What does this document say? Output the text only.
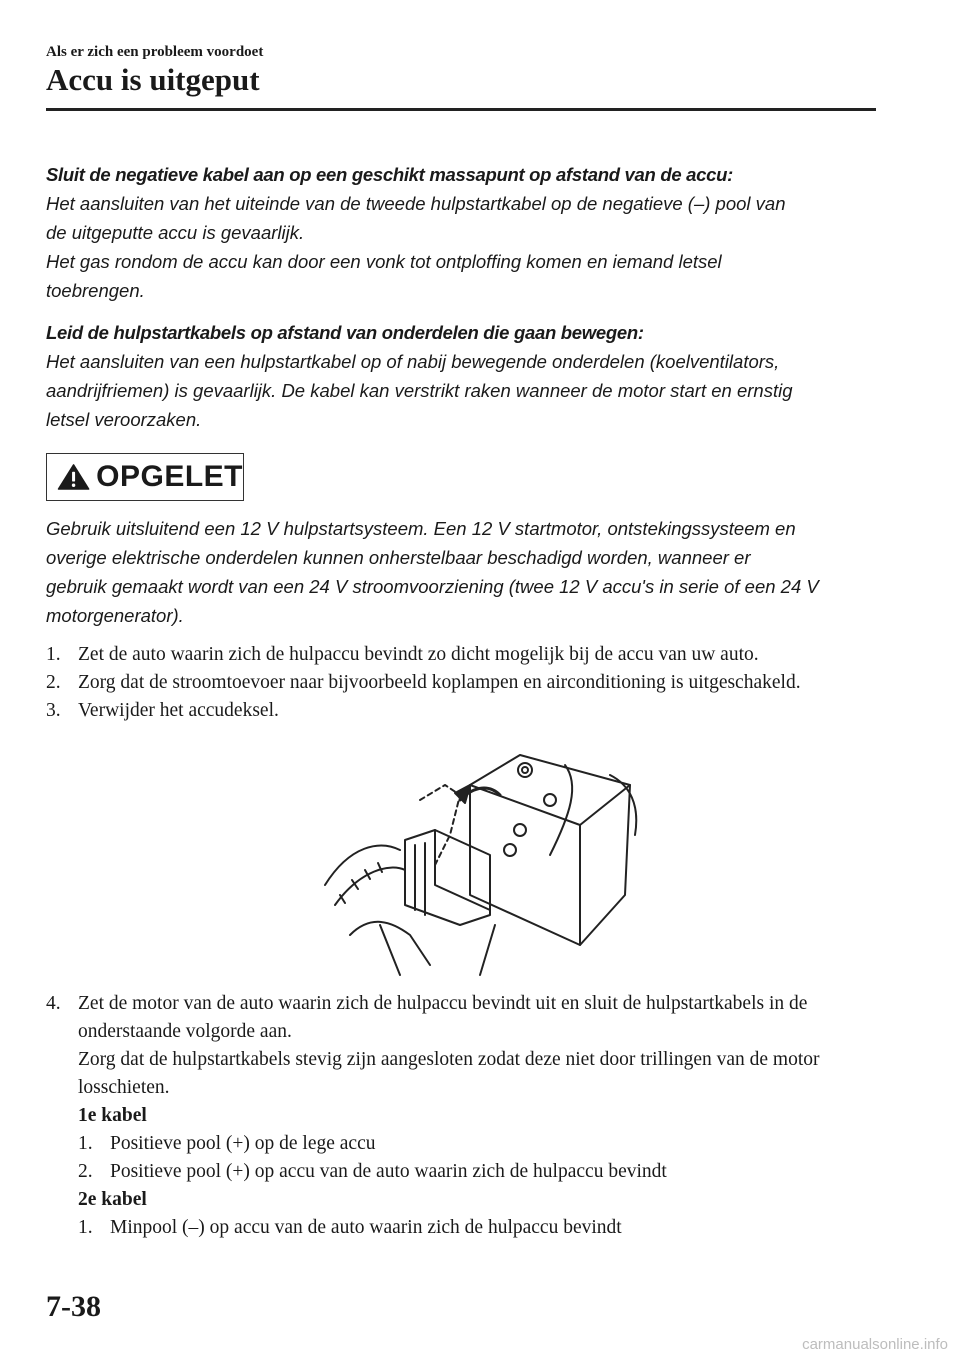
Als er zich een probleem voordoet
Accu is uitgeput
Sluit de negatieve kabel aan op een geschikt massapunt op afstand van de accu:
Het aansluiten van het uiteinde van de tweede hulpstartkabel op de negatieve (–) pool van
de uitgeputte accu is gevaarlijk.
Het gas rondom de accu kan door een vonk tot ontploffing komen en iemand letsel
toebrengen.
Leid de hulpstartkabels op afstand van onderdelen die gaan bewegen:
Het aansluiten van een hulpstartkabel op of nabij bewegende onderdelen (koelventilators,
aandrijfriemen) is gevaarlijk. De kabel kan verstrikt raken wanneer de motor start en ernstig
letsel veroorzaken.
OPGELET
Gebruik uitsluitend een 12 V hulpstartsysteem. Een 12 V startmotor, ontstekingssysteem en
overige elektrische onderdelen kunnen onherstelbaar beschadigd worden, wanneer er
gebruik gemaakt wordt van een 24 V stroomvoorziening (twee 12 V accu's in serie of een 24 V
motorgenerator).
1. Zet de auto waarin zich de hulpaccu bevindt zo dicht mogelijk bij de accu van uw auto.
2. Zorg dat de stroomtoevoer naar bijvoorbeeld koplampen en airconditioning is uitgeschakeld.
3. Verwijder het accudeksel.
4. Zet de motor van de auto waarin zich de hulpaccu bevindt uit en sluit de hulpstartkabels in de onderstaande volgorde aan.
Zorg dat de hulpstartkabels stevig zijn aangesloten zodat deze niet door trillingen van de motor losschieten.
1e kabel
1. Positieve pool (+) op de lege accu
2. Positieve pool (+) op accu van de auto waarin zich de hulpaccu bevindt
2e kabel
1. Minpool (–) op accu van de auto waarin zich de hulpaccu bevindt
7-38
carmanualsonline.info
